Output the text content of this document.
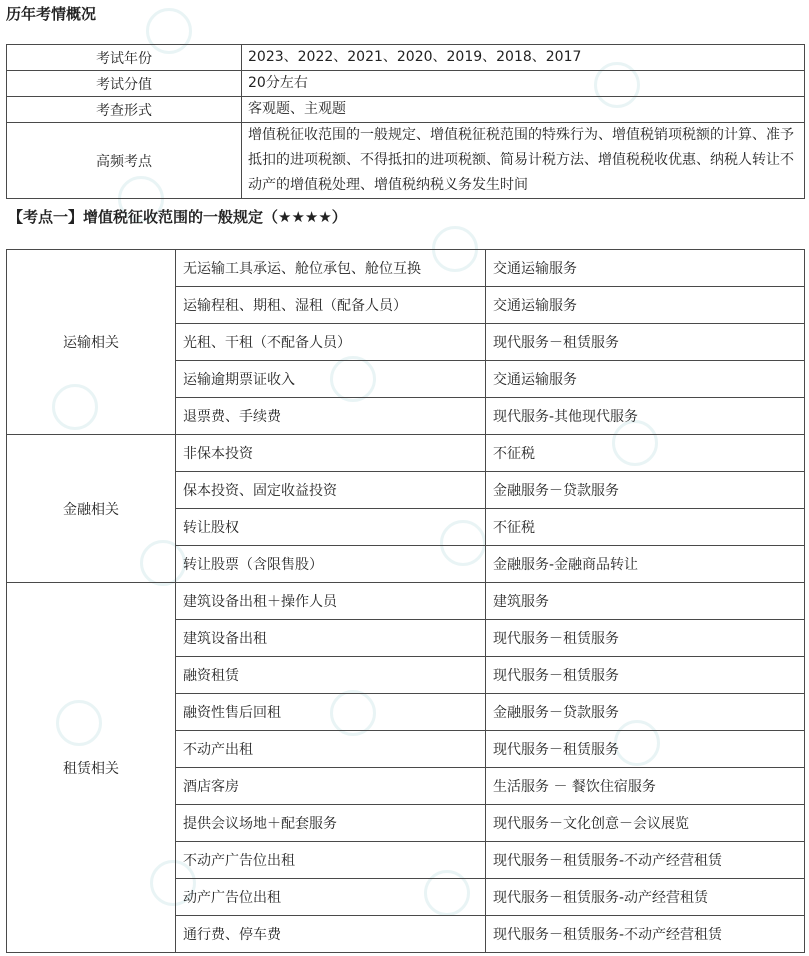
历年考情概况
考试年份	2023、2022、2021、2020、2019、2018、2017
考试分值	20分左右
考查形式	客观题、主观题
高频考点	增值税征收范围的一般规定、增值税征税范围的特殊行为、增值税销项税额的计算、准予抵扣的进项税额、不得抵扣的进项税额、简易计税方法、增值税税收优惠、纳税人转让不动产的增值税处理、增值税纳税义务发生时间
【考点一】增值税征收范围的一般规定（★★★★）
运输相关	无运输工具承运、舱位承包、舱位互换	交通运输服务
	运输程租、期租、湿租（配备人员）	交通运输服务
	光租、干租（不配备人员）	现代服务－租赁服务
	运输逾期票证收入	交通运输服务
	退票费、手续费	现代服务-其他现代服务
金融相关	非保本投资	不征税
	保本投资、固定收益投资	金融服务－贷款服务
	转让股权	不征税
	转让股票（含限售股）	金融服务-金融商品转让
租赁相关	建筑设备出租＋操作人员	建筑服务
	建筑设备出租	现代服务－租赁服务
	融资租赁	现代服务－租赁服务
	融资性售后回租	金融服务－贷款服务
	不动产出租	现代服务－租赁服务
	酒店客房	生活服务 － 餐饮住宿服务
	提供会议场地＋配套服务	现代服务－文化创意－会议展览
	不动产广告位出租	现代服务－租赁服务-不动产经营租赁
	动产广告位出租	现代服务－租赁服务-动产经营租赁
	通行费、停车费	现代服务－租赁服务-不动产经营租赁
